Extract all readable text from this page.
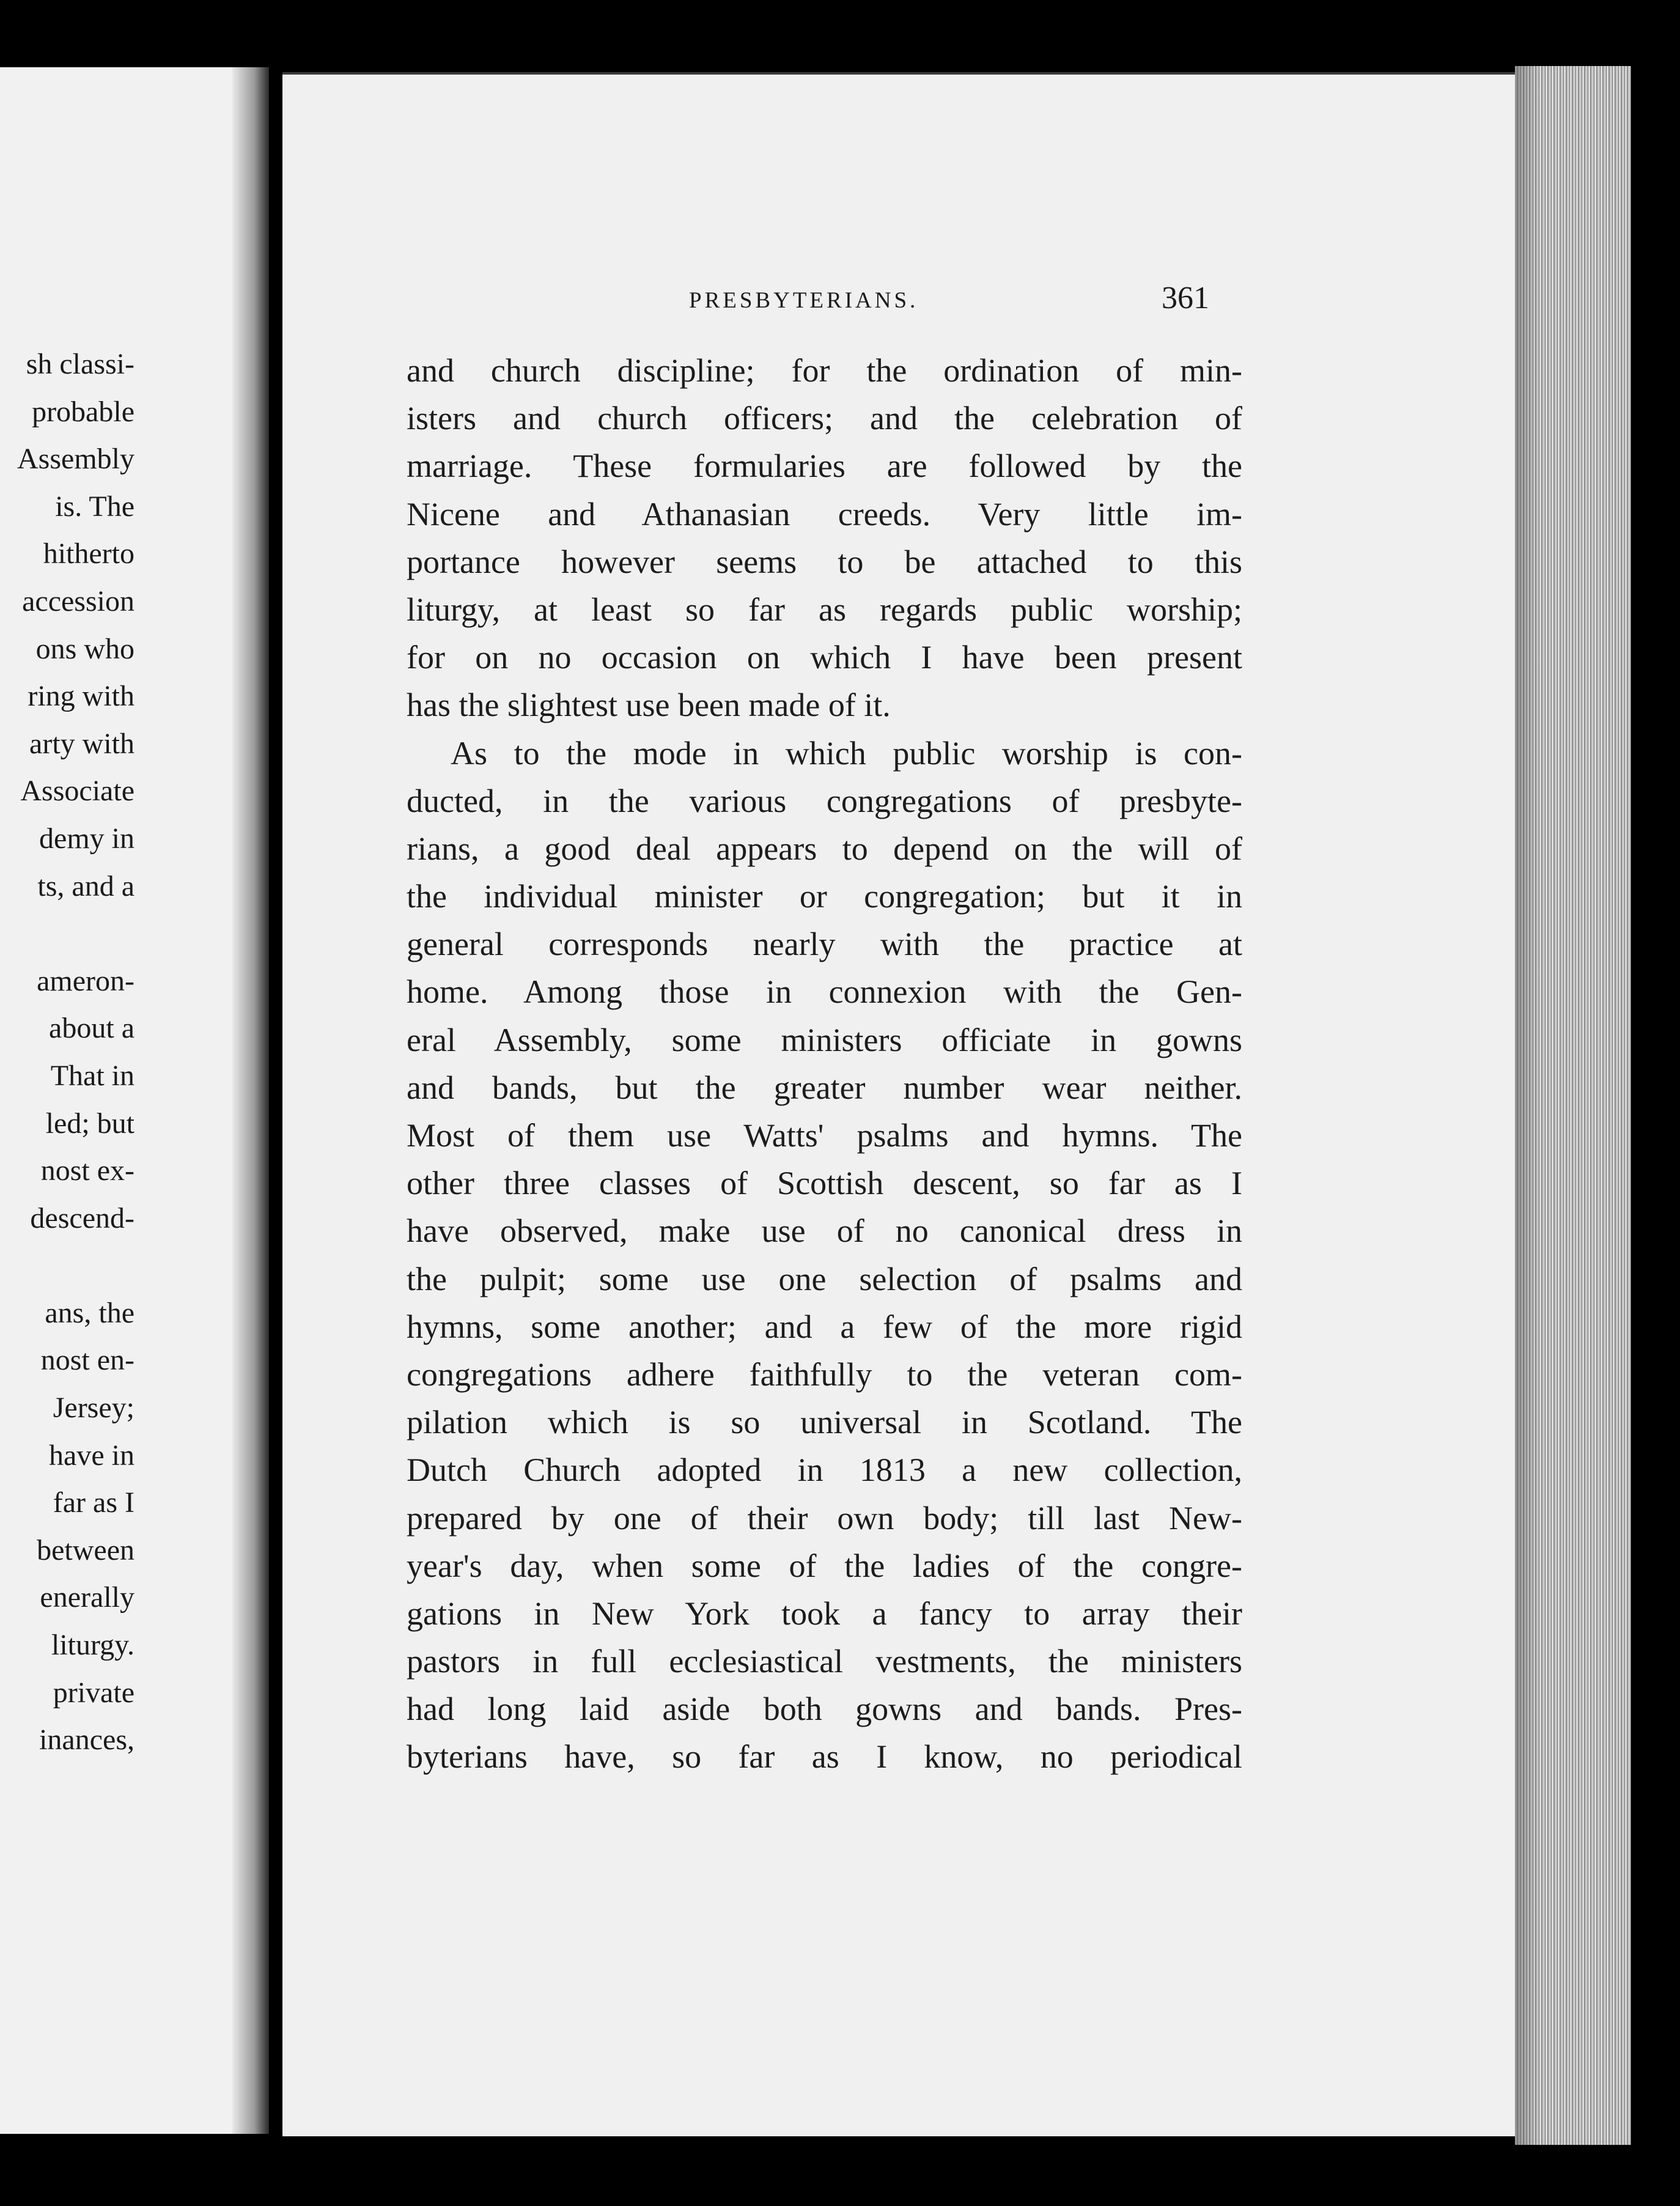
sh classi-
probable
Assembly
is. The
hitherto
accession
ons who
ring with
arty with
Associate
demy in
ts, and a
ameron-
about a
That in
led; but
nost ex-
descend-
ans, the
nost en-
Jersey;
have in
far as I
between
enerally
liturgy.
private
inances,
PRESBYTERIANS.	361
and church discipline; for the ordination of min-
isters and church officers; and the celebration of
marriage. These formularies are followed by the
Nicene and Athanasian creeds. Very little im-
portance however seems to be attached to this
liturgy, at least so far as regards public worship;
for on no occasion on which I have been present
has the slightest use been made of it.
As to the mode in which public worship is con-
ducted, in the various congregations of presbyte-
rians, a good deal appears to depend on the will of
the individual minister or congregation; but it in
general corresponds nearly with the practice at
home. Among those in connexion with the Gen-
eral Assembly, some ministers officiate in gowns
and bands, but the greater number wear neither.
Most of them use Watts' psalms and hymns. The
other three classes of Scottish descent, so far as I
have observed, make use of no canonical dress in
the pulpit; some use one selection of psalms and
hymns, some another; and a few of the more rigid
congregations adhere faithfully to the veteran com-
pilation which is so universal in Scotland. The
Dutch Church adopted in 1813 a new collection,
prepared by one of their own body; till last New-
year's day, when some of the ladies of the congre-
gations in New York took a fancy to array their
pastors in full ecclesiastical vestments, the ministers
had long laid aside both gowns and bands. Pres-
byterians have, so far as I know, no periodical
